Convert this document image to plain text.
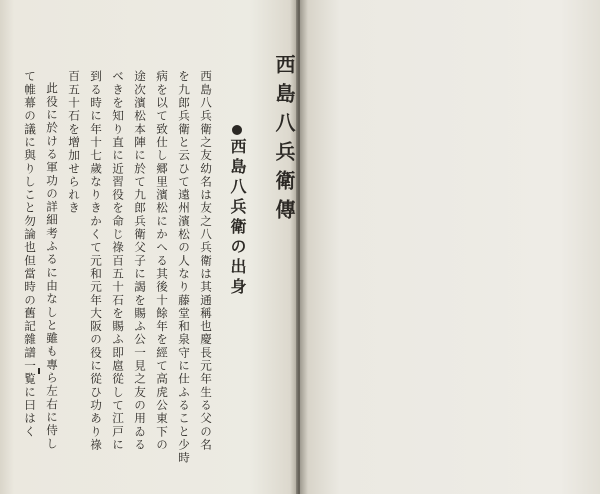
西島八兵衛傳
西島八兵衛の出身
西島八兵衛之友幼名は友之八兵衛は其通稱也慶長元年生る父の名
を九郎兵衛と云ひて遠州濱松の人なり藤堂和泉守に仕ふること少時
病を以て致仕し郷里濱松にかへる其後十餘年を經て高虎公東下の
途次濱松本陣に於て九郎兵衛父子に謁を賜ふ公一見之友の用ゐる
べきを知り直に近習役を命じ祿百五十石を賜ふ即扈從して江戸に
到る時に年十七歲なりきかくて元和元年大阪の役に從ひ功あり祿
百五十石を增加せられき
此役に於ける軍功の詳細考ふるに由なしと雖も專ら左右に侍し
て帷幕の議に與りしこと勿論也但當時の舊記雜譜一覧に曰はく
